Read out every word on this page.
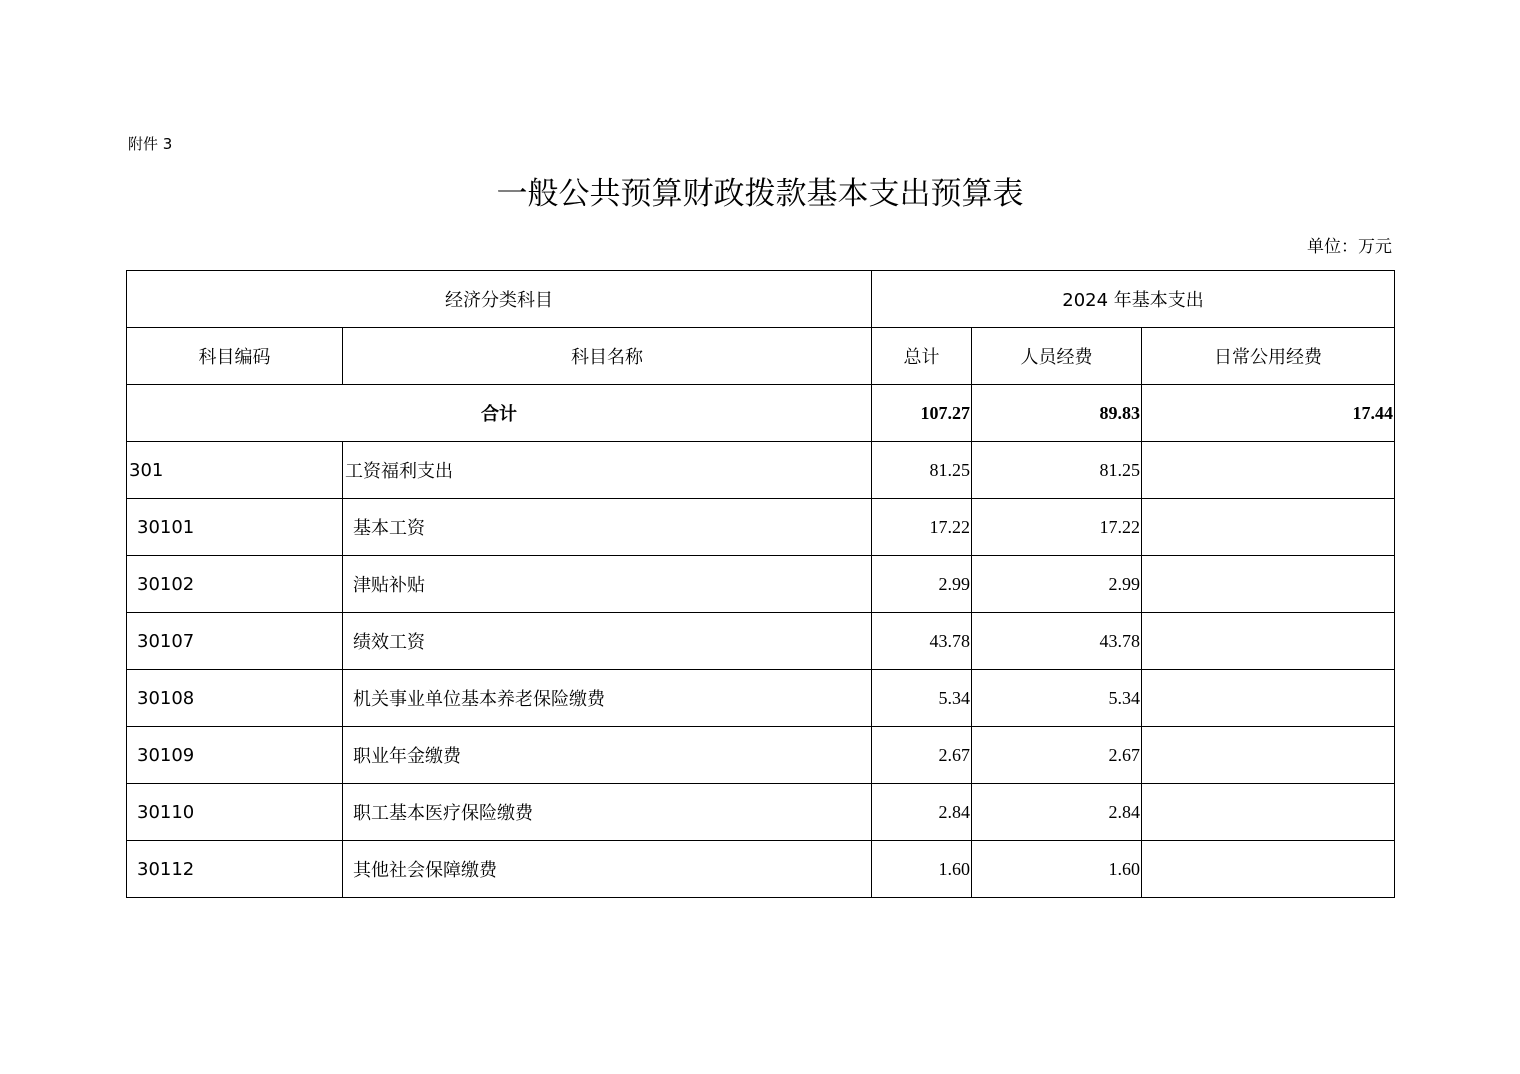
附件 3
一般公共预算财政拨款基本支出预算表
单位：万元
经济分类科目		2024 年基本支出		
科目编码	科目名称	总计	人员经费	日常公用经费
合计		107.27	89.83	17.44
301	工资福利支出	81.25	81.25	
30101	基本工资	17.22	17.22	
30102	津贴补贴	2.99	2.99	
30107	绩效工资	43.78	43.78	
30108	机关事业单位基本养老保险缴费	5.34	5.34	
30109	职业年金缴费	2.67	2.67	
30110	职工基本医疗保险缴费	2.84	2.84	
30112	其他社会保障缴费	1.60	1.60	
